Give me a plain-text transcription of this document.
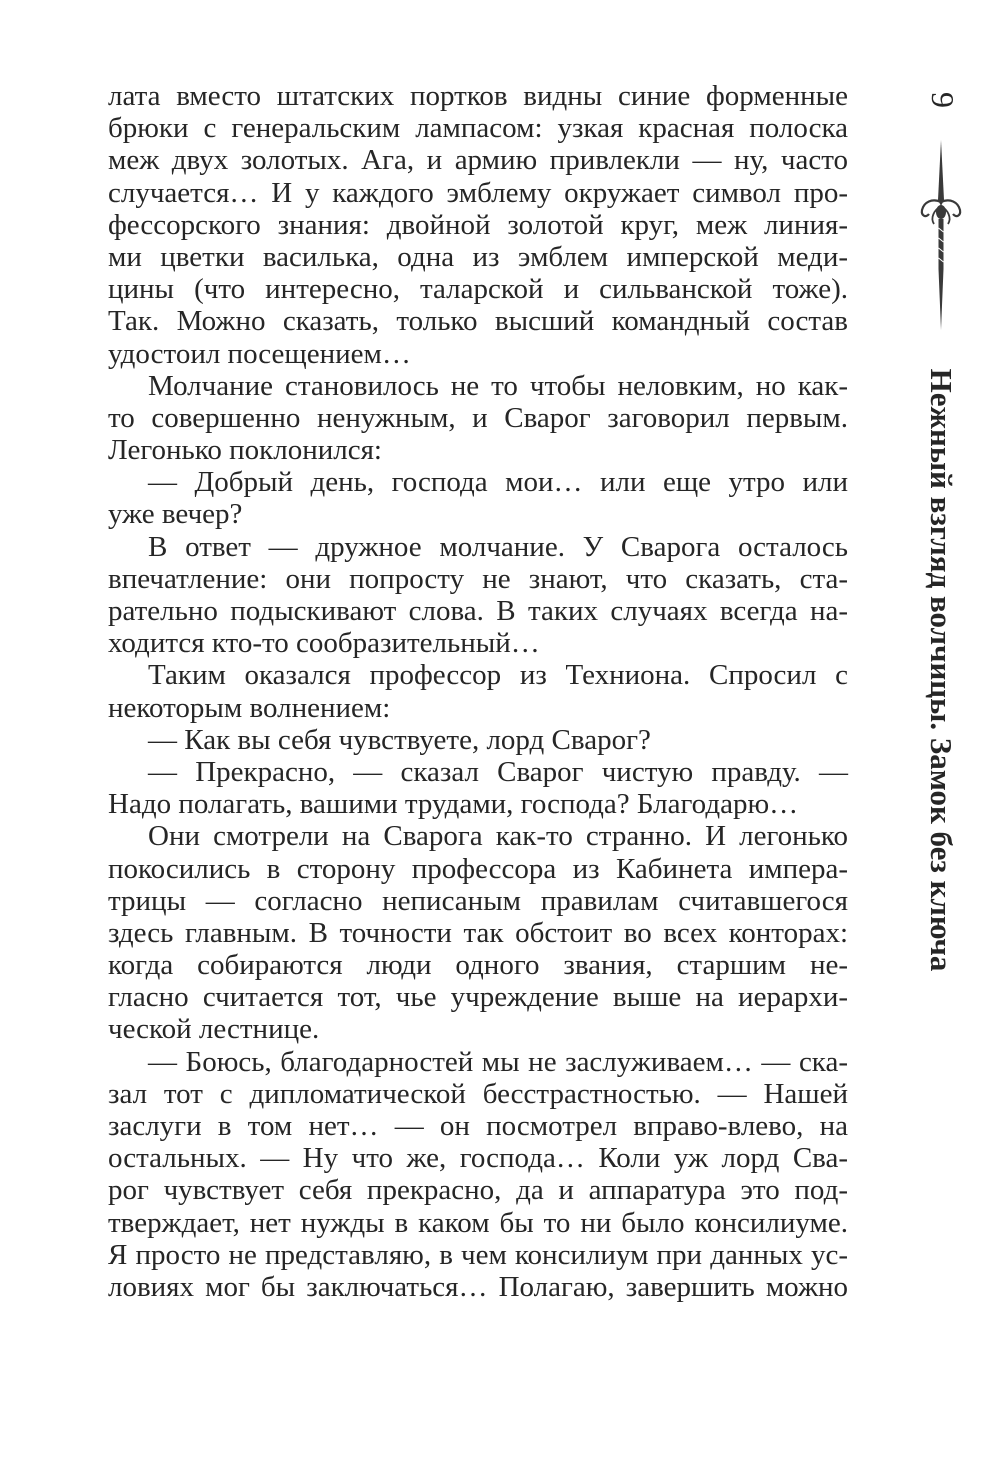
лата вместо штатских портков видны синие форменные
брюки с генеральским лампасом: узкая красная полоска
меж двух золотых. Ага, и армию привлекли — ну, часто
случается… И у каждого эмблему окружает символ про-
фессорского знания: двойной золотой круг, меж линия-
ми цветки василька, одна из эмблем имперской меди-
цины (что интересно, таларской и сильванской тоже).
Так. Можно сказать, только высший командный состав
удостоил посещением…
Молчание становилось не то чтобы неловким, но как-
то совершенно ненужным, и Сварог заговорил первым.
Легонько поклонился:
— Добрый день, господа мои… или еще утро или
уже вечер?
В ответ — дружное молчание. У Сварога осталось
впечатление: они попросту не знают, что сказать, ста-
рательно подыскивают слова. В таких случаях всегда на-
ходится кто-то сообразительный…
Таким оказался профессор из Техниона. Спросил с
некоторым волнением:
— Как вы себя чувствуете, лорд Сварог?
— Прекрасно, — сказал Сварог чистую правду. —
Надо полагать, вашими трудами, господа? Благодарю…
Они смотрели на Сварога как-то странно. И легонько
покосились в сторону профессора из Кабинета импера-
трицы — согласно неписаным правилам считавшегося
здесь главным. В точности так обстоит во всех конторах:
когда собираются люди одного звания, старшим не-
гласно считается тот, чье учреждение выше на иерархи-
ческой лестнице.
— Боюсь, благодарностей мы не заслуживаем… — ска-
зал тот с дипломатической бесстрастностью. — Нашей
заслуги в том нет… — он посмотрел вправо-влево, на
остальных. — Ну что же, господа… Коли уж лорд Сва-
рог чувствует себя прекрасно, да и аппаратура это под-
тверждает, нет нужды в каком бы то ни было консилиуме.
Я просто не представляю, в чем консилиум при данных ус-
ловиях мог бы заключаться… Полагаю, завершить можно
9
Нежный взгляд волчицы. Замок без ключа
